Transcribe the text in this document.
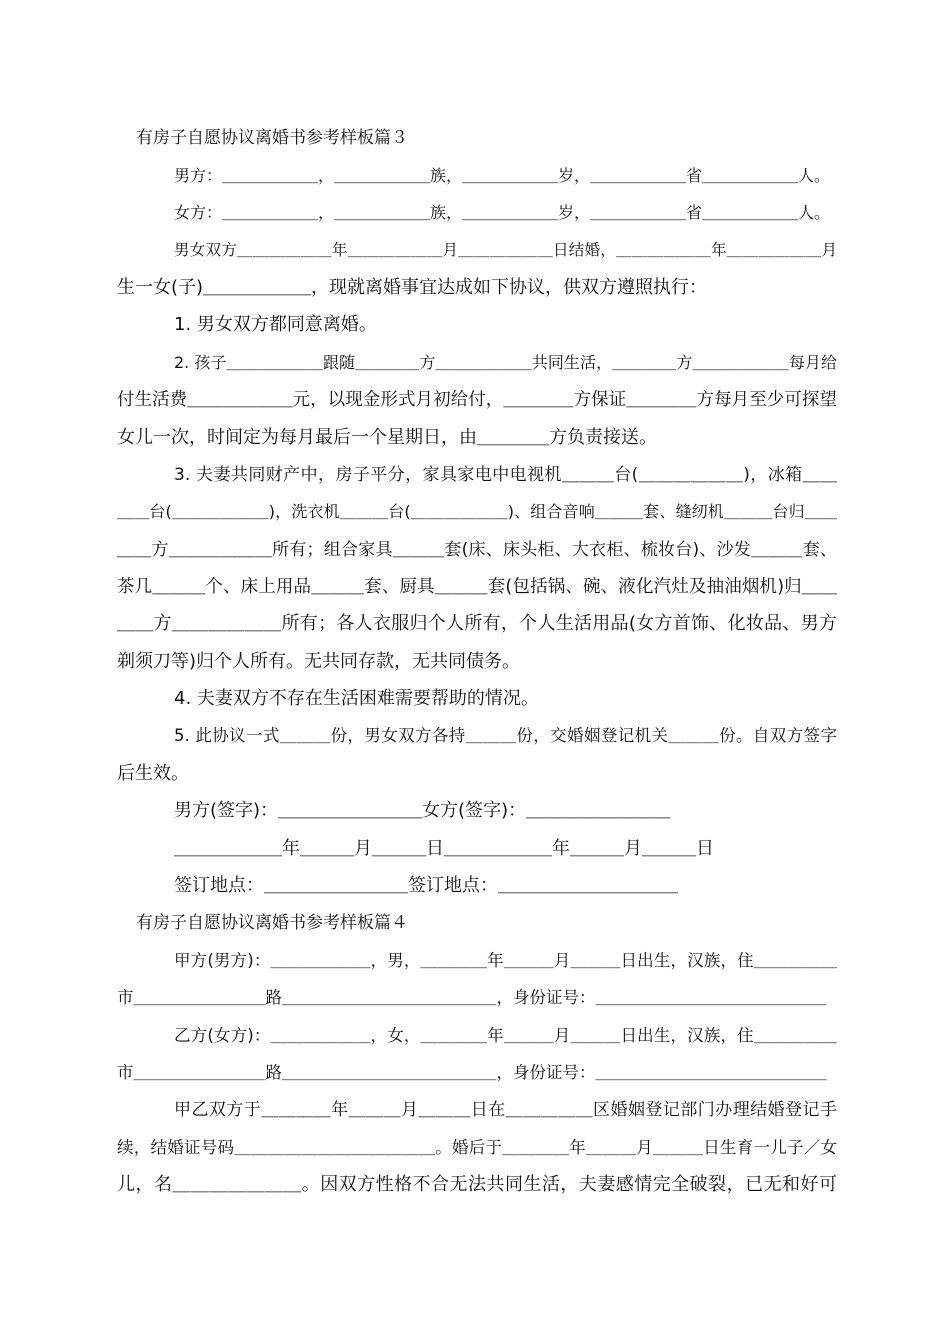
有房子自愿协议离婚书参考样板篇３
男方：＿＿＿＿＿＿，＿＿＿＿＿＿族，＿＿＿＿＿＿岁，＿＿＿＿＿＿省＿＿＿＿＿＿人。
女方：＿＿＿＿＿＿，＿＿＿＿＿＿族，＿＿＿＿＿＿岁，＿＿＿＿＿＿省＿＿＿＿＿＿人。
男女双方＿＿＿＿＿＿年＿＿＿＿＿＿月＿＿＿＿＿＿日结婚，＿＿＿＿＿＿年＿＿＿＿＿＿月
生一女(子)＿＿＿＿＿＿，现就离婚事宜达成如下协议，供双方遵照执行：
1. 男女双方都同意离婚。
2. 孩子＿＿＿＿＿＿跟随＿＿＿＿方＿＿＿＿＿＿共同生活，＿＿＿＿方＿＿＿＿＿＿每月给
付生活费＿＿＿＿＿＿元，以现金形式月初给付，＿＿＿＿方保证＿＿＿＿方每月至少可探望
女儿一次，时间定为每月最后一个星期日，由＿＿＿＿方负责接送。
3. 夫妻共同财产中，房子平分，家具家电中电视机＿＿＿台(＿＿＿＿＿＿)，冰箱＿＿
＿＿台(＿＿＿＿＿＿)，洗衣机＿＿＿台(＿＿＿＿＿＿)、组合音响＿＿＿套、缝纫机＿＿＿台归＿＿
＿＿方＿＿＿＿＿＿所有；组合家具＿＿＿套(床、床头柜、大衣柜、梳妆台)、沙发＿＿＿套、
茶几＿＿＿个、床上用品＿＿＿套、厨具＿＿＿套(包括锅、碗、液化汽灶及抽油烟机)归＿＿
＿＿方＿＿＿＿＿＿所有；各人衣服归个人所有，个人生活用品(女方首饰、化妆品、男方
剃须刀等)归个人所有。无共同存款，无共同债务。
4. 夫妻双方不存在生活困难需要帮助的情况。
5. 此协议一式＿＿＿份，男女双方各持＿＿＿份，交婚姻登记机关＿＿＿份。自双方签字
后生效。
男方(签字)：＿＿＿＿＿＿＿＿女方(签字)：＿＿＿＿＿＿＿＿
＿＿＿＿＿＿年＿＿＿月＿＿＿日＿＿＿＿＿＿年＿＿＿月＿＿＿日
签订地点：＿＿＿＿＿＿＿＿签订地点：＿＿＿＿＿＿＿＿＿＿
有房子自愿协议离婚书参考样板篇４
甲方(男方)：＿＿＿＿＿＿，男，＿＿＿＿年＿＿＿月＿＿＿日出生，汉族，住＿＿＿＿＿
市＿＿＿＿＿＿＿＿路＿＿＿＿＿＿＿＿＿＿＿＿＿，身份证号：＿＿＿＿＿＿＿＿＿＿＿＿＿＿
乙方(女方)：＿＿＿＿＿＿，女，＿＿＿＿年＿＿＿月＿＿＿日出生，汉族，住＿＿＿＿＿
市＿＿＿＿＿＿＿＿路＿＿＿＿＿＿＿＿＿＿＿＿＿，身份证号：＿＿＿＿＿＿＿＿＿＿＿＿＿＿
甲乙双方于＿＿＿＿年＿＿＿月＿＿＿日在＿＿＿＿＿区婚姻登记部门办理结婚登记手
续，结婚证号码＿＿＿＿＿＿＿＿＿＿＿＿。婚后于＿＿＿＿年＿＿＿月＿＿＿日生育一儿子／女
儿，名＿＿＿＿＿＿＿。因双方性格不合无法共同生活，夫妻感情完全破裂，已无和好可
